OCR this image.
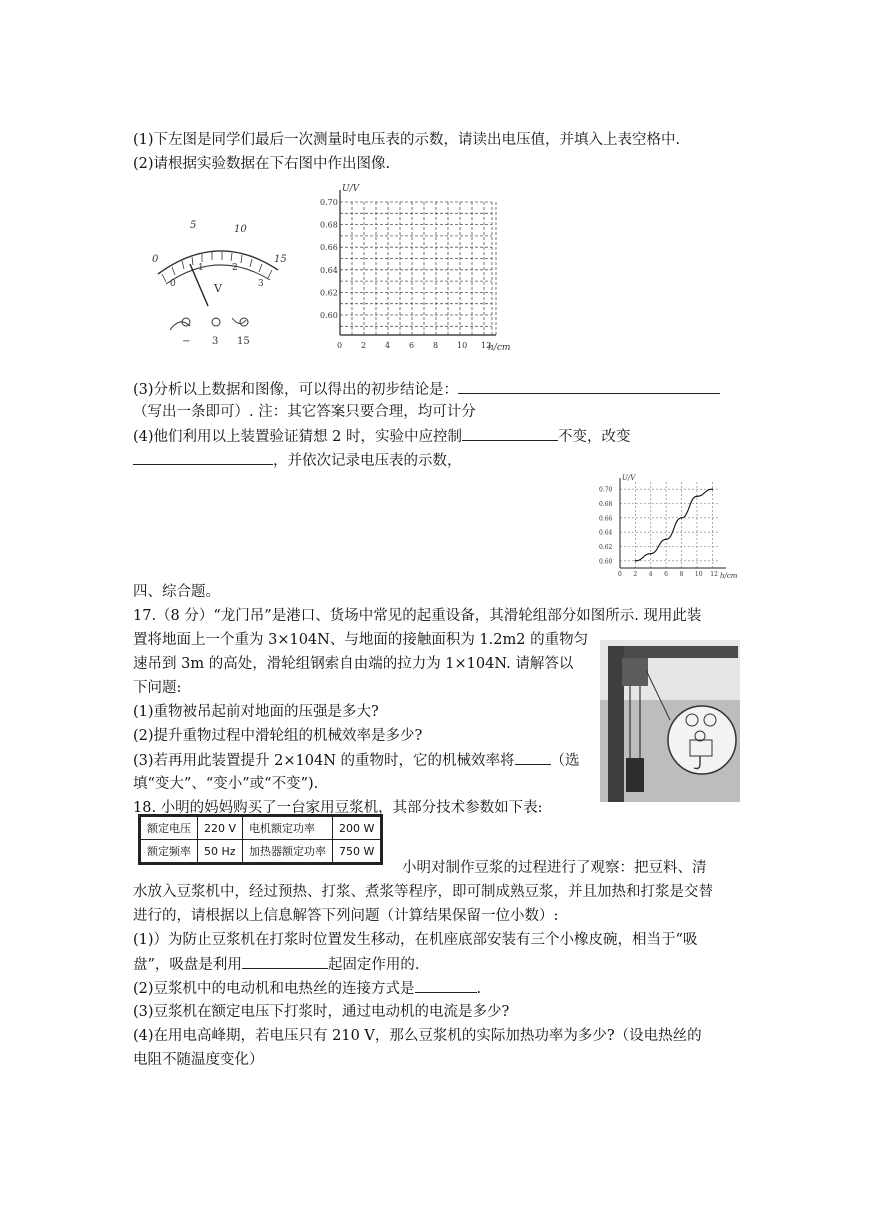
(1)下左图是同学们最后一次测量时电压表的示数，请读出电压值，并填入上表空格中.
(2)请根据实验数据在下右图中作出图像.
0
5	10
15
0
1	2
3
V
− 3 15
U/V
h/cm
0.70
0.68
0.66
0.64
0.62
0.60
0 2 4 6 8 10 12
(3)分析以上数据和图像，可以得出的初步结论是：
（写出一条即可）. 注：其它答案只要合理，均可计分
(4)他们利用以上装置验证猜想 2 时，实验中应控制	不变，改变
，并依次记录电压表的示数，
U/V
h/cm
0.70
0.68
0.66
0.64
0.62
0.60
0 2 4 6 8 10 12
四、综合题。
17.（8 分）“龙门吊”是港口、货场中常见的起重设备，其滑轮组部分如图所示. 现用此装
置将地面上一个重为 3×104N、与地面的接触面积为 1.2m2 的重物匀
速吊到 3m 的高处，滑轮组钢索自由端的拉力为 1×104N. 请解答以
下问题:
(1)重物被吊起前对地面的压强是多大?
(2)提升重物过程中滑轮组的机械效率是多少?
(3)若再用此装置提升 2×104N 的重物时，它的机械效率将 （选
填“变大”、“变小”或“不变”).
18. 小明的妈妈购买了一台家用豆浆机，其部分技术参数如下表:
额定电压	220 V	电机额定功率	200 W
额定频率	50 Hz	加热器额定功率	750 W
小明对制作豆浆的过程进行了观察：把豆料、清
水放入豆浆机中，经过预热、打浆、煮浆等程序，即可制成熟豆浆，并且加热和打浆是交替
进行的，请根据以上信息解答下列问题（计算结果保留一位小数）:
(1)）为防止豆浆机在打浆时位置发生移动，在机座底部安装有三个小橡皮碗，相当于“吸
盘”，吸盘是利用	起固定作用的.
(2)豆浆机中的电动机和电热丝的连接方式是	.
(3)豆浆机在额定电压下打浆时，通过电动机的电流是多少?
(4)在用电高峰期，若电压只有 210 V，那么豆浆机的实际加热功率为多少?（设电热丝的
电阻不随温度变化）
